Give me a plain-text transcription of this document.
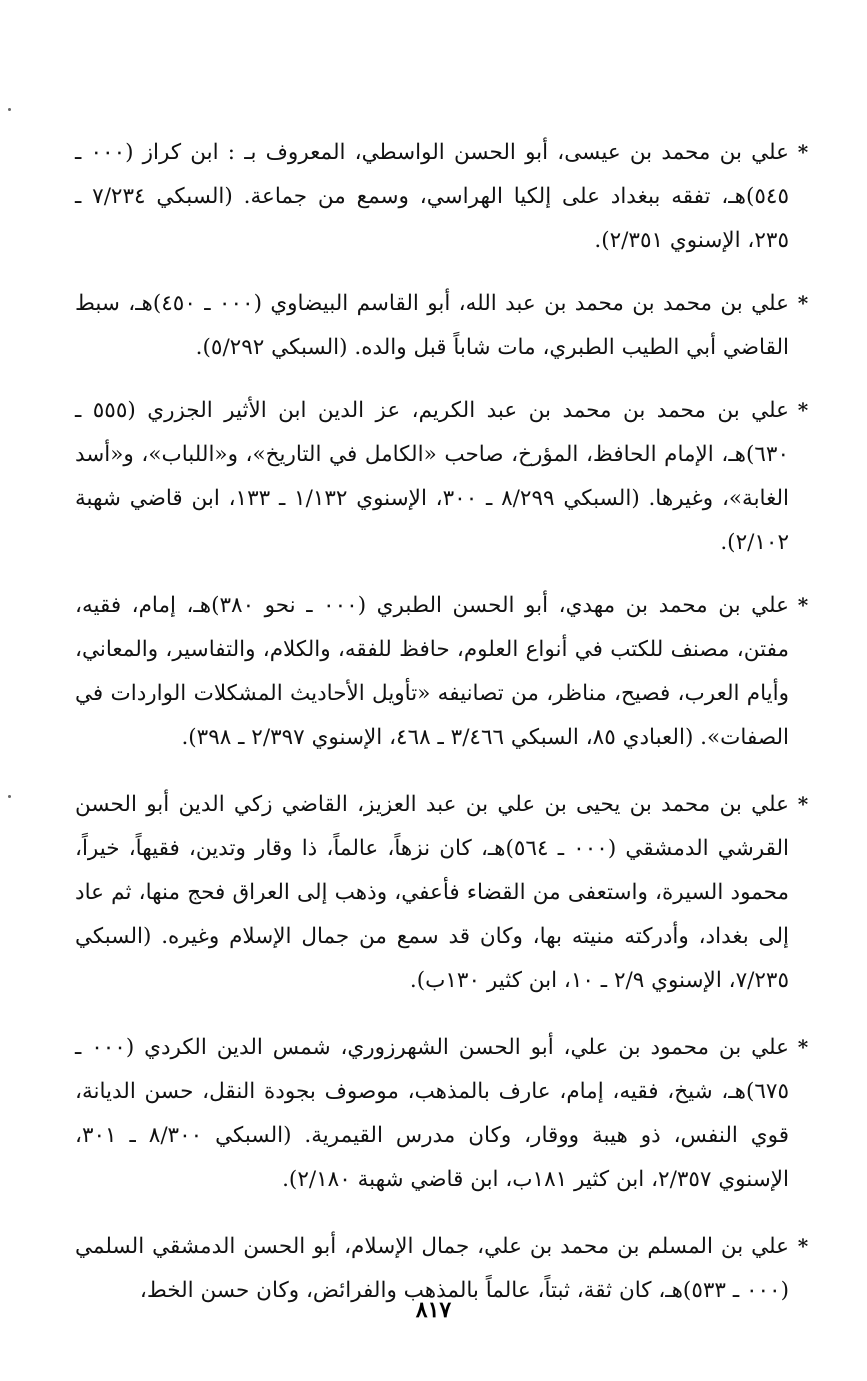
*علي بن محمد بن عيسى، أبو الحسن الواسطي، المعروف بـ : ابن كراز (٠٠٠ ـ ٥٤٥)هـ، تفقه ببغداد على إلكيا الهراسي، وسمع من جماعة. (السبكي ٧/٢٣٤ ـ ٢٣٥، الإسنوي ٢/٣٥١).
*علي بن محمد بن محمد بن عبد الله، أبو القاسم البيضاوي (٠٠٠ ـ ٤٥٠)هـ، سبط القاضي أبي الطيب الطبري، مات شاباً قبل والده. (السبكي ٥/٢٩٢).
*علي بن محمد بن محمد بن عبد الكريم، عز الدين ابن الأثير الجزري (٥٥٥ ـ ٦٣٠)هـ، الإمام الحافظ، المؤرخ، صاحب «الكامل في التاريخ»، و«اللباب»، و«أسد الغابة»، وغيرها. (السبكي ٨/٢٩٩ ـ ٣٠٠، الإسنوي ١/١٣٢ ـ ١٣٣، ابن قاضي شهبة ٢/١٠٢).
*علي بن محمد بن مهدي، أبو الحسن الطبري (٠٠٠ ـ نحو ٣٨٠)هـ، إمام، فقيه، مفتن، مصنف للكتب في أنواع العلوم، حافظ للفقه، والكلام، والتفاسير، والمعاني، وأيام العرب، فصيح، مناظر، من تصانيفه «تأويل الأحاديث المشكلات الواردات في الصفات». (العبادي ٨٥، السبكي ٣/٤٦٦ ـ ٤٦٨، الإسنوي ٢/٣٩٧ ـ ٣٩٨).
*علي بن محمد بن يحيى بن علي بن عبد العزيز، القاضي زكي الدين أبو الحسن القرشي الدمشقي (٠٠٠ ـ ٥٦٤)هـ، كان نزهاً، عالماً، ذا وقار وتدين، فقيهاً، خيراً، محمود السيرة، واستعفى من القضاء فأعفي، وذهب إلى العراق فحج منها، ثم عاد إلى بغداد، وأدركته منيته بها، وكان قد سمع من جمال الإسلام وغيره. (السبكي ٧/٢٣٥، الإسنوي ٢/٩ ـ ١٠، ابن كثير ١٣٠ب).
*علي بن محمود بن علي، أبو الحسن الشهرزوري، شمس الدين الكردي (٠٠٠ ـ ٦٧٥)هـ، شيخ، فقيه، إمام، عارف بالمذهب، موصوف بجودة النقل، حسن الديانة، قوي النفس، ذو هيبة ووقار، وكان مدرس القيمرية. (السبكي ٨/٣٠٠ ـ ٣٠١، الإسنوي ٢/٣٥٧، ابن كثير ١٨١ب، ابن قاضي شهبة ٢/١٨٠).
*علي بن المسلم بن محمد بن علي، جمال الإسلام، أبو الحسن الدمشقي السلمي (٠٠٠ ـ ٥٣٣)هـ، كان ثقة، ثبتاً، عالماً بالمذهب والفرائض، وكان حسن الخط،
٨١٧
